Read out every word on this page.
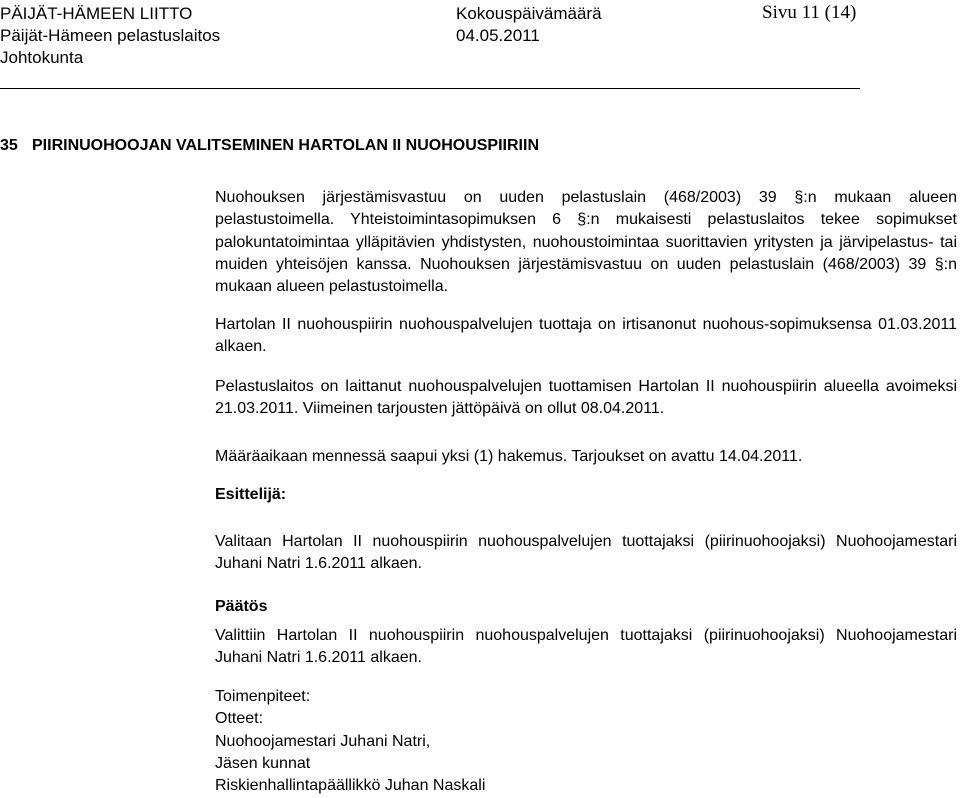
PÄIJÄT-HÄMEEN LIITTO
Päijät-Hämeen pelastuslaitos
Johtokunta
Kokouspäivämäärä
04.05.2011
Sivu 11 (14)
35 PIIRINUOHOOJAN VALITSEMINEN HARTOLAN II NUOHOUSPIIRIIN

Nuohouksen järjestämisvastuu on uuden pelastuslain (468/2003) 39 §:n mukaan alueen pelastustoimella. Yhteistoimintasopimuksen 6 §:n mukaisesti pelastuslaitos tekee sopimukset palokuntatoimintaa ylläpitävien yhdistysten, nuohoustoimintaa suorittavien yritysten ja järvipelastus- tai muiden yhteisöjen kanssa. Nuohouksen järjestämisvastuu on uuden pelastuslain (468/2003) 39 §:n mukaan alueen pelastustoimella.

Hartolan II nuohouspiirin nuohouspalvelujen tuottaja on irtisanonut nuohous-sopimuksensa 01.03.2011 alkaen.

Pelastuslaitos on laittanut nuohouspalvelujen tuottamisen Hartolan II nuohouspiirin alueella avoimeksi 21.03.2011. Viimeinen tarjousten jättöpäivä on ollut 08.04.2011.

Määräaikaan mennessä saapui yksi (1) hakemus. Tarjoukset on avattu 14.04.2011.

Esittelijä:

Valitaan Hartolan II nuohouspiirin nuohouspalvelujen tuottajaksi (piirinuohoojaksi) Nuohoojamestari Juhani Natri 1.6.2011 alkaen.

Päätös

Valittiin Hartolan II nuohouspiirin nuohouspalvelujen tuottajaksi (piirinuohoojaksi) Nuohoojamestari Juhani Natri 1.6.2011 alkaen.

Toimenpiteet:
Otteet:
Nuohoojamestari Juhani Natri,
Jäsen kunnat
Riskienhallintapäällikkö Juhan Naskali
